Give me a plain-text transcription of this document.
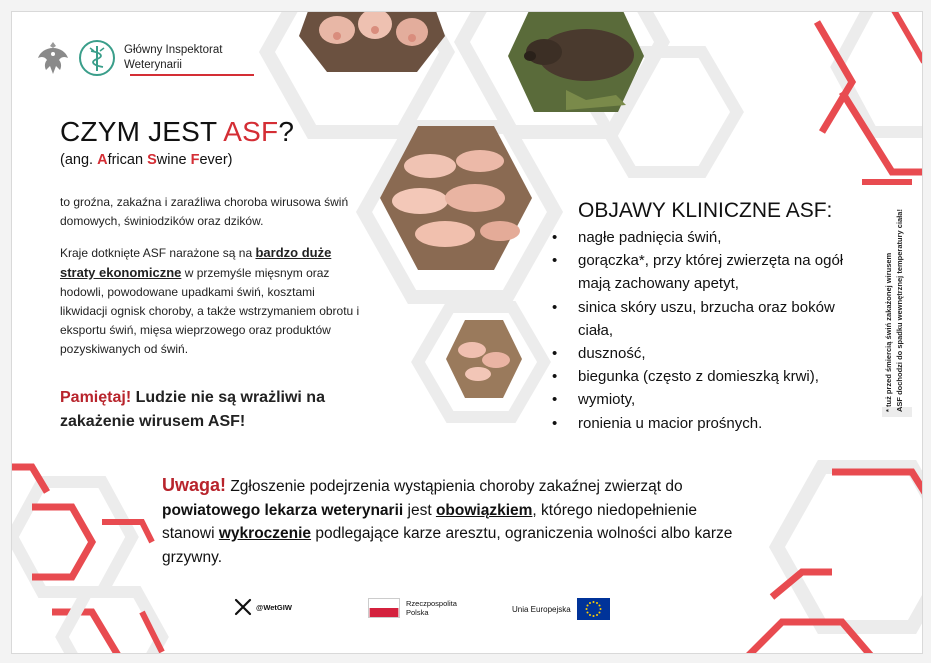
Główny Inspektorat
Weterynarii
CZYM JEST ASF?
(ang. African Swine Fever)

to groźna, zakaźna i zaraźliwa choroba wirusowa świń domowych, świniodzików oraz dzików.

Kraje dotknięte ASF narażone są na bardzo duże straty ekonomiczne w przemyśle mięsnym oraz hodowli, powodowane upadkami świń, kosztami likwidacji ognisk choroby, a także wstrzymaniem obrotu i eksportu świń, mięsa wieprzowego oraz produktów pozyskiwanych od świń.

Pamiętaj! Ludzie nie są wrażliwi na zakażenie wirusem ASF!

OBJAWY KLINICZNE ASF:
• nagłe padnięcia świń,
• gorączka*, przy której zwierzęta na ogół mają zachowany apetyt,
• sinica skóry uszu, brzucha oraz boków ciała,
• duszność,
• biegunka (często z domieszką krwi),
• wymioty,
• ronienia u macior prośnych.
* tuż przed śmiercią świń zakażonej wirusem ASF dochodzi do spadku wewnętrznej temperatury ciała!

Uwaga! Zgłoszenie podejrzenia wystąpienia choroby zakaźnej zwierząt do powiatowego lekarza weterynarii jest obowiązkiem, którego niedopełnienie stanowi wykroczenie podlegające karze aresztu, ograniczenia wolności albo karze grzywny.

@WetGIW	Rzeczpospolita
Polska	Unia Europejska
